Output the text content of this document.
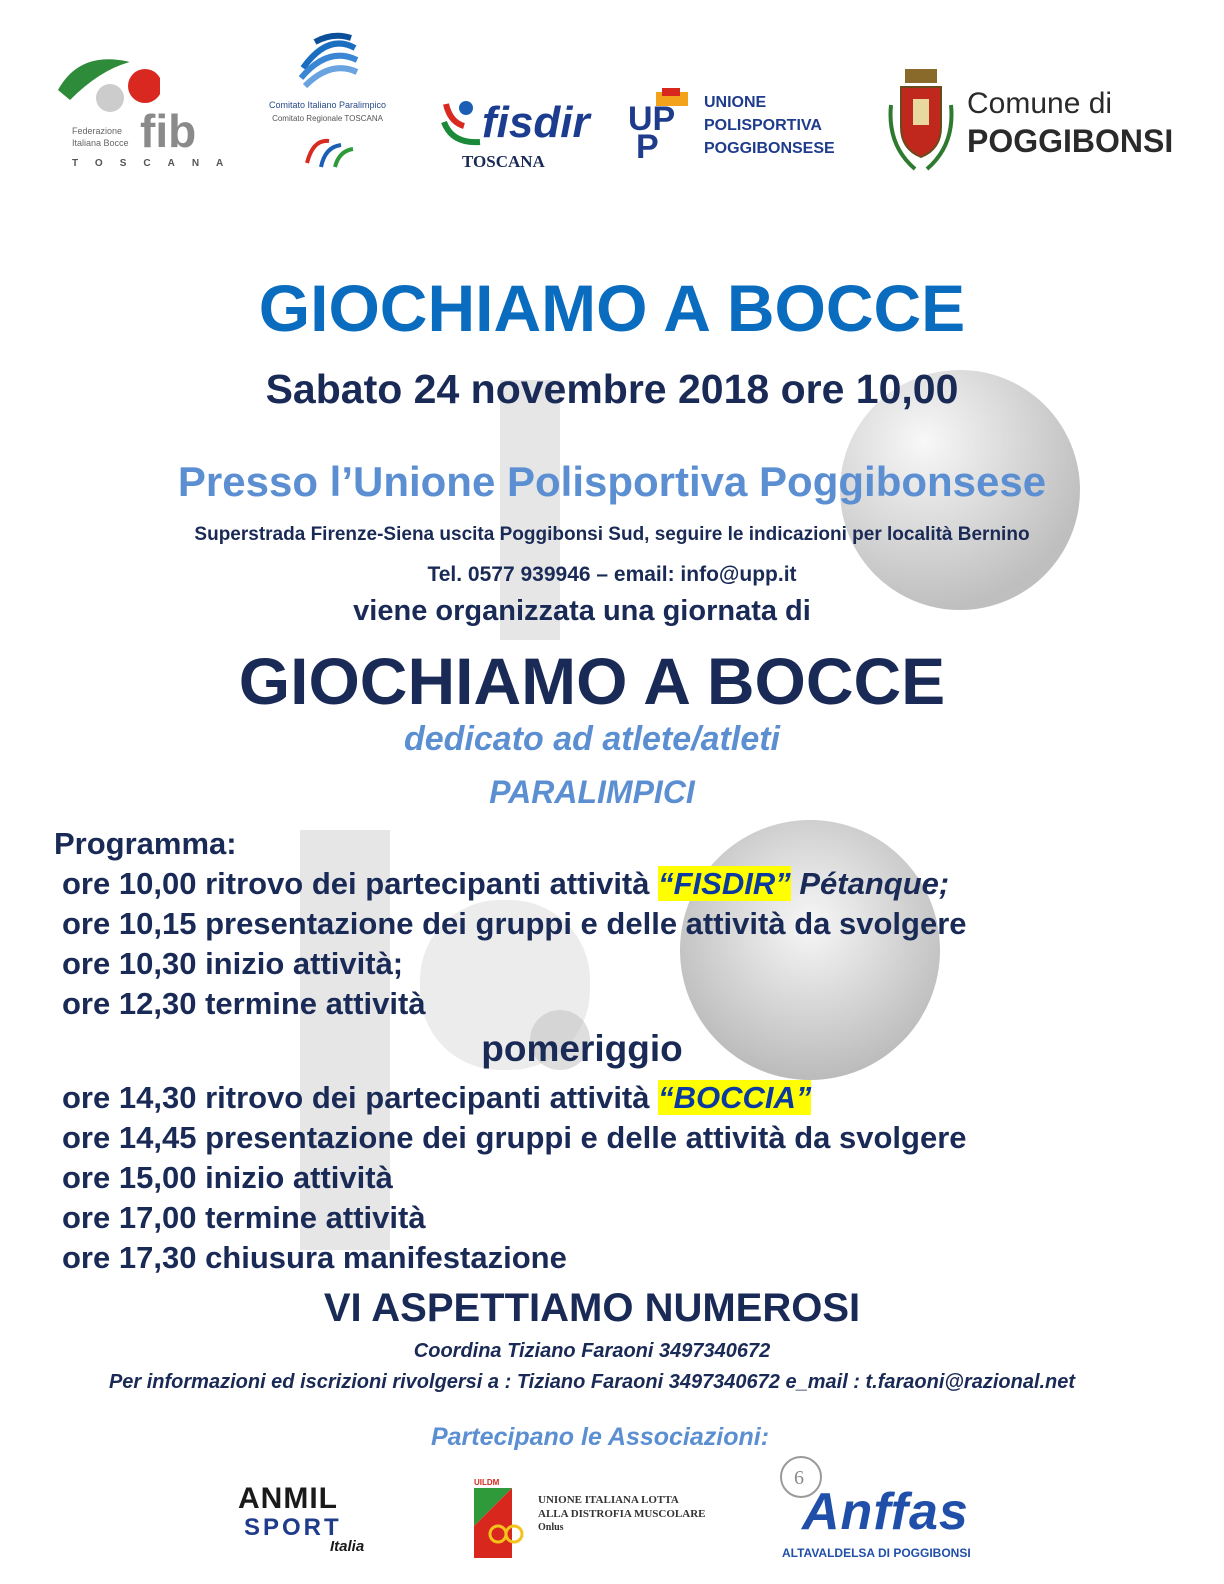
fib
Federazione
Italiana Bocce
TOSCANA
Comitato Italiano Paralimpico
Comitato Regionale TOSCANA	fisdir
TOSCANA
UP
P
UNIONE
POLISPORTIVA
POGGIBONSESE
Comune di
POGGIBONSI
GIOCHIAMO A BOCCE
Sabato 24 novembre 2018 ore 10,00
Presso l’Unione Polisportiva Poggibonsese
Superstrada Firenze-Siena uscita Poggibonsi Sud, seguire le indicazioni per località Bernino
Tel. 0577 939946 – email: info@upp.it
viene organizzata una giornata di
GIOCHIAMO A BOCCE
dedicato ad atlete/atleti
PARALIMPICI
Programma:
ore 10,00 ritrovo dei partecipanti attività “FISDIR” Pétanque;
ore 10,15 presentazione dei gruppi e delle attività da svolgere
ore 10,30 inizio attività;
ore 12,30 termine attività
pomeriggio
ore 14,30 ritrovo dei partecipanti attività “BOCCIA”
ore 14,45 presentazione dei gruppi e delle attività da svolgere
ore 15,00 inizio attività
ore 17,00 termine attività
ore 17,30 chiusura manifestazione
VI ASPETTIAMO NUMEROSI
Coordina Tiziano Faraoni 3497340672
Per informazioni ed iscrizioni rivolgersi a : Tiziano Faraoni 3497340672 e_mail : t.faraoni@razional.net
Partecipano le Associazioni:
ANMIL
SPORT
Italia
UILDM
UNIONE ITALIANA LOTTA
ALLA DISTROFIA MUSCOLARE
Onlus
6
Anffas
ALTAVALDELSA DI POGGIBONSI
